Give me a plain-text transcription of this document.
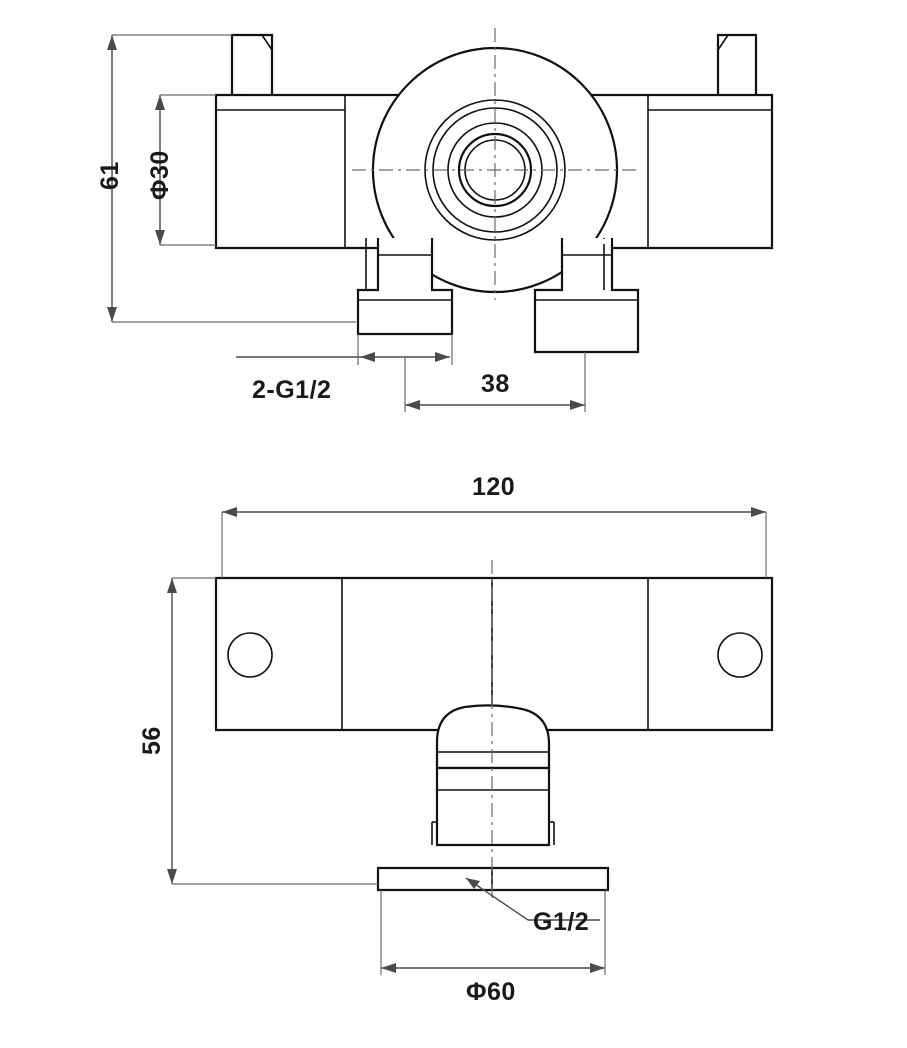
61 Φ30
2-G1/2	38
120
56
G1/2
Φ60
